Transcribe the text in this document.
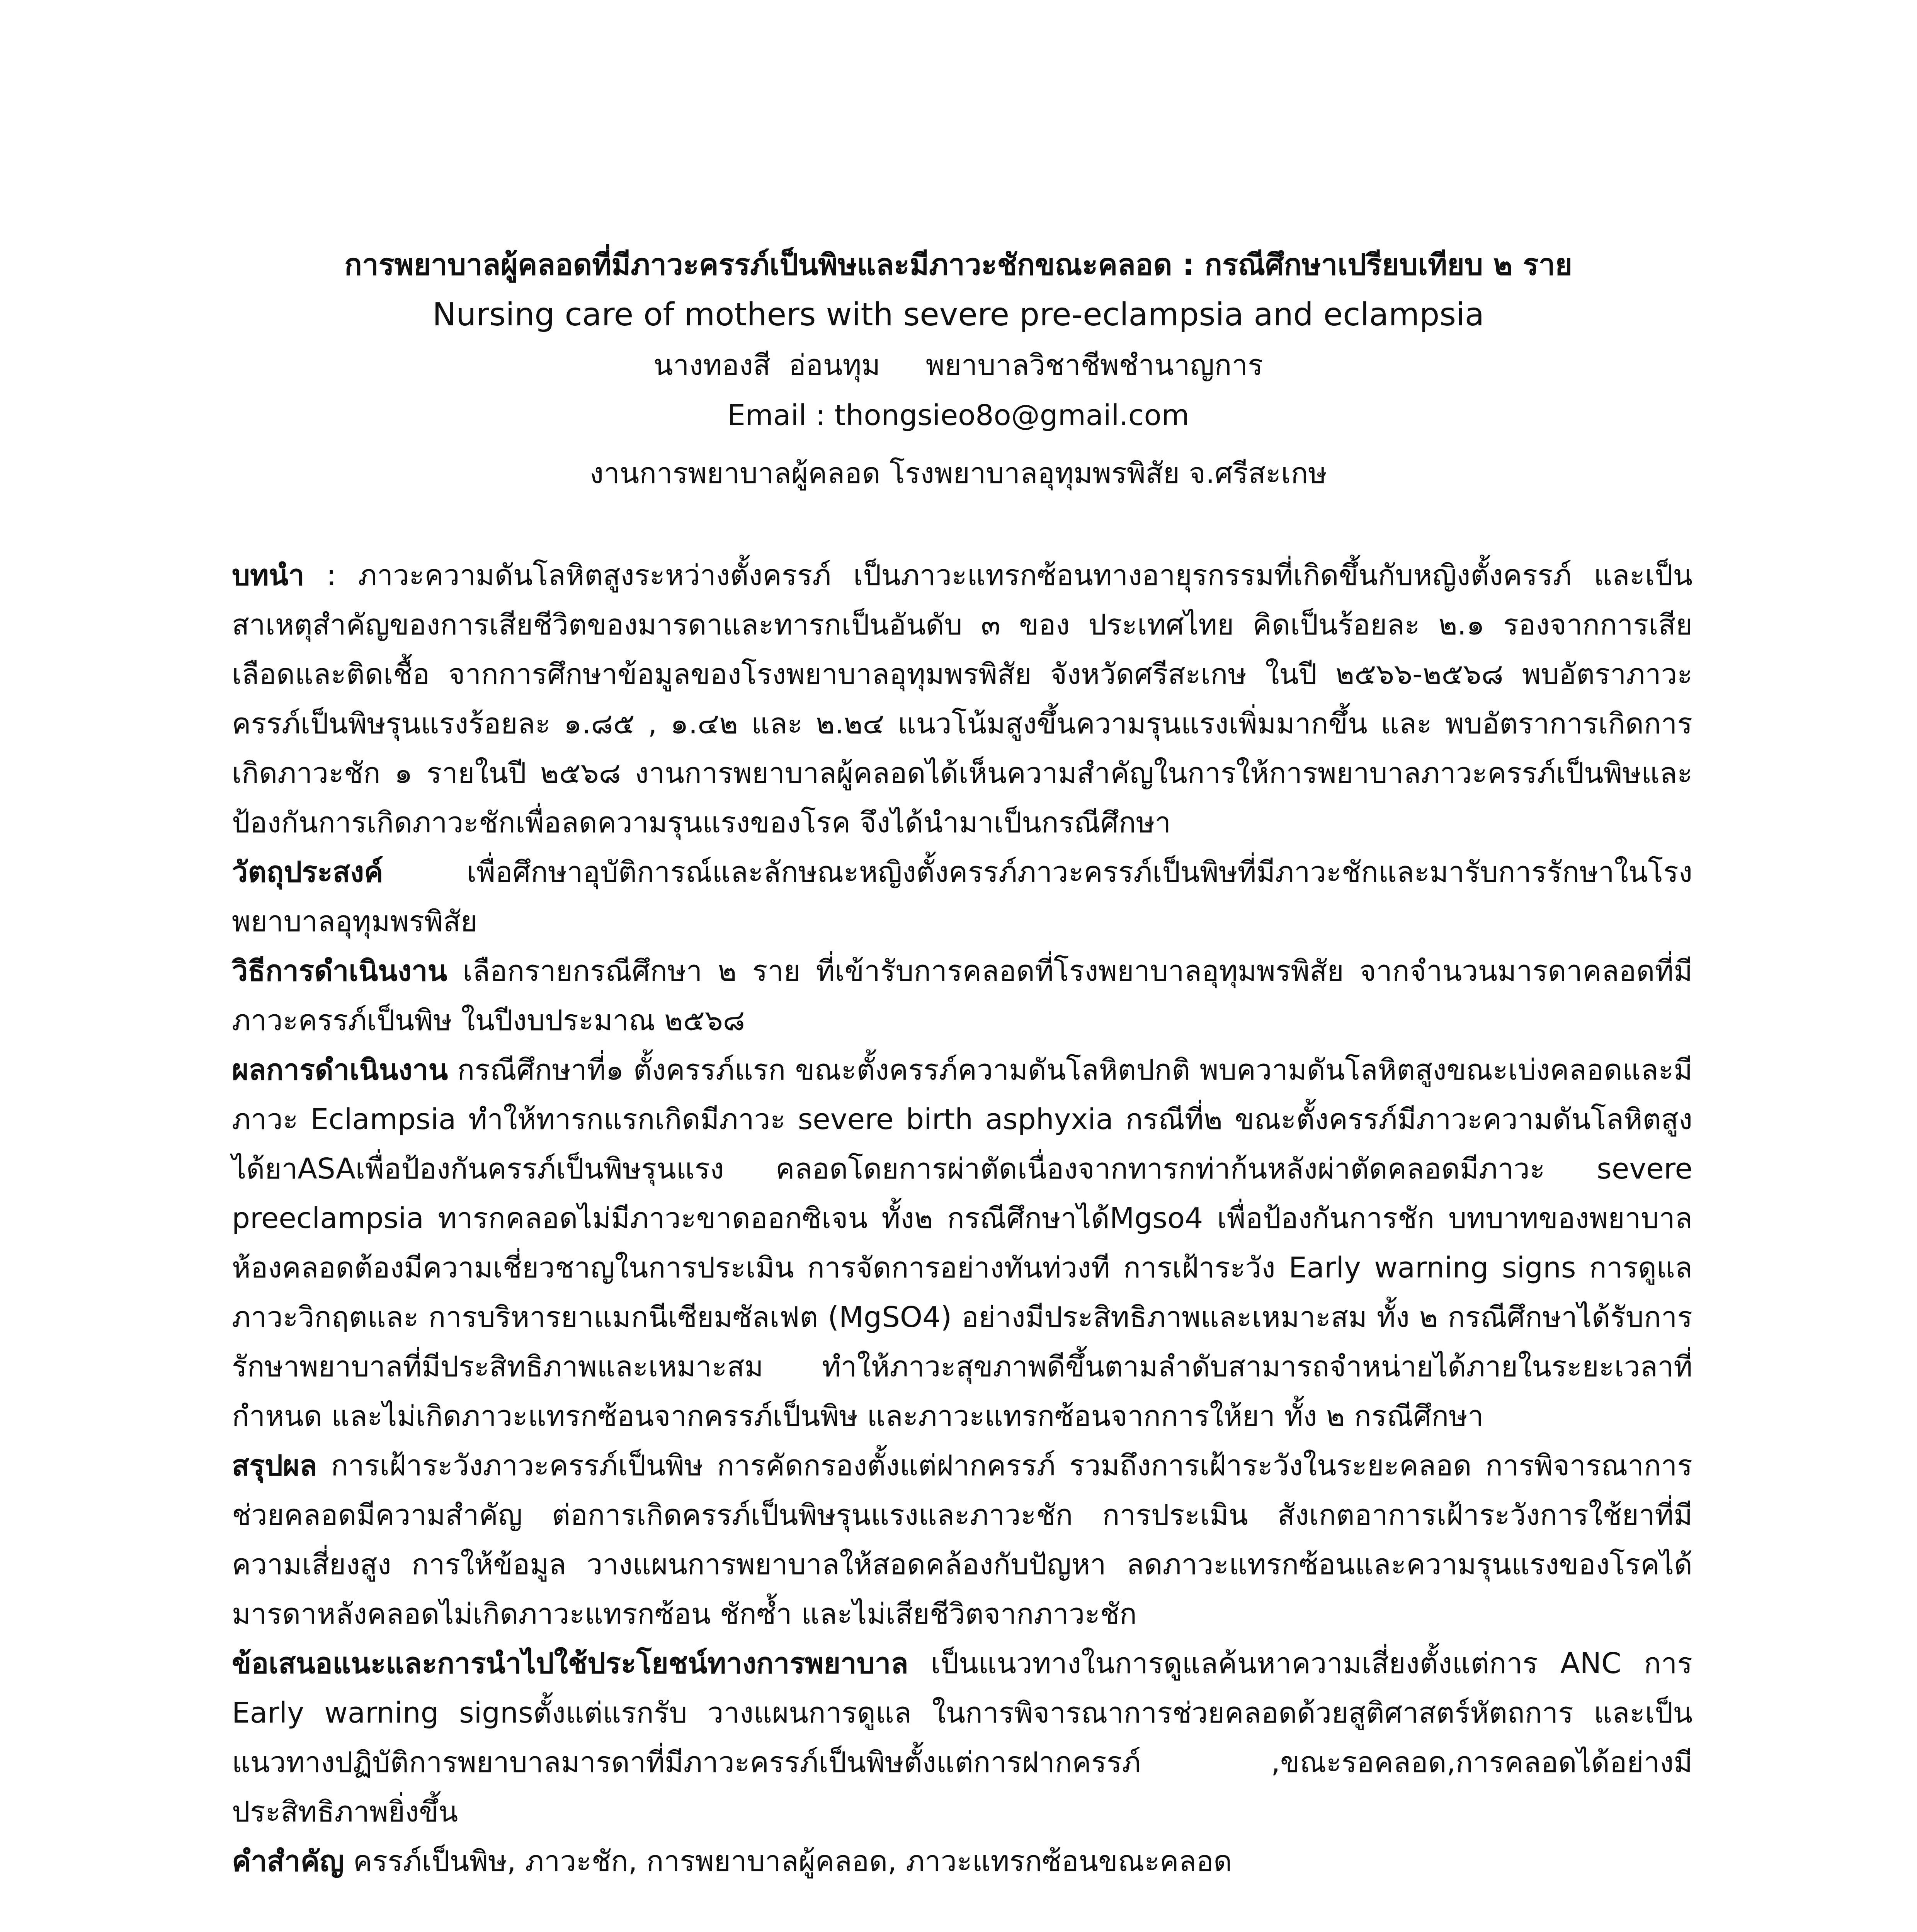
การพยาบาลผู้คลอดที่มีภาวะครรภ์เป็นพิษและมีภาวะชักขณะคลอด : กรณีศึกษาเปรียบเทียบ ๒ ราย

Nursing care of mothers with severe pre-eclampsia and eclampsia

นางทองสี  อ่อนทุม     พยาบาลวิชาชีพชำนาญการ

Email : thongsieo8o@gmail.com

งานการพยาบาลผู้คลอด โรงพยาบาลอุทุมพรพิสัย จ.ศรีสะเกษ

บทนำ : ภาวะความดันโลหิตสูงระหว่างตั้งครรภ์ เป็นภาวะแทรกซ้อนทางอายุรกรรมที่เกิดขึ้นกับหญิงตั้งครรภ์ และเป็นสาเหตุสำคัญของการเสียชีวิตของมารดาและทารกเป็นอันดับ ๓ ของ ประเทศไทย คิดเป็นร้อยละ ๒.๑ รองจากการเสียเลือดและติดเชื้อ จากการศึกษาข้อมูลของโรงพยาบาลอุทุมพรพิสัย จังหวัดศรีสะเกษ ในปี ๒๕๖๖-๒๕๖๘ พบอัตราภาวะครรภ์เป็นพิษรุนแรงร้อยละ ๑.๘๕ , ๑.๔๒ และ ๒.๒๔ แนวโน้มสูงขึ้นความรุนแรงเพิ่มมากขึ้น และ พบอัตราการเกิดการเกิดภาวะชัก ๑ รายในปี ๒๕๖๘ งานการพยาบาลผู้คลอดได้เห็นความสำคัญในการให้การพยาบาลภาวะครรภ์เป็นพิษและป้องกันการเกิดภาวะชักเพื่อลดความรุนแรงของโรค จึงได้นำมาเป็นกรณีศึกษา

วัตถุประสงค์ เพื่อศึกษาอุบัติการณ์และลักษณะหญิงตั้งครรภ์ภาวะครรภ์เป็นพิษที่มีภาวะชักและมารับการรักษาในโรงพยาบาลอุทุมพรพิสัย

วิธีการดำเนินงาน เลือกรายกรณีศึกษา ๒ ราย ที่เข้ารับการคลอดที่โรงพยาบาลอุทุมพรพิสัย จากจำนวนมารดาคลอดที่มีภาวะครรภ์เป็นพิษ ในปีงบประมาณ ๒๕๖๘

ผลการดำเนินงาน กรณีศึกษาที่๑ ตั้งครรภ์แรก ขณะตั้งครรภ์ความดันโลหิตปกติ พบความดันโลหิตสูงขณะเบ่งคลอดและมีภาวะ Eclampsia ทำให้ทารกแรกเกิดมีภาวะ severe birth asphyxia กรณีที่๒ ขณะตั้งครรภ์มีภาวะความดันโลหิตสูงได้ยาASAเพื่อป้องกันครรภ์เป็นพิษรุนแรง คลอดโดยการผ่าตัดเนื่องจากทารกท่าก้นหลังผ่าตัดคลอดมีภาวะ severe preeclampsia ทารกคลอดไม่มีภาวะขาดออกซิเจน ทั้ง๒ กรณีศึกษาได้Mgso4 เพื่อป้องกันการชัก บทบาทของพยาบาลห้องคลอดต้องมีความเชี่ยวชาญในการประเมิน การจัดการอย่างทันท่วงที การเฝ้าระวัง Early warning signs การดูแลภาวะวิกฤตและ การบริหารยาแมกนีเซียมซัลเฟต (MgSO4) อย่างมีประสิทธิภาพและเหมาะสม ทั้ง ๒ กรณีศึกษาได้รับการรักษาพยาบาลที่มีประสิทธิภาพและเหมาะสม ทำให้ภาวะสุขภาพดีขึ้นตามลำดับสามารถจำหน่ายได้ภายในระยะเวลาที่กำหนด และไม่เกิดภาวะแทรกซ้อนจากครรภ์เป็นพิษ และภาวะแทรกซ้อนจากการให้ยา ทั้ง ๒ กรณีศึกษา

สรุปผล การเฝ้าระวังภาวะครรภ์เป็นพิษ การคัดกรองตั้งแต่ฝากครรภ์ รวมถึงการเฝ้าระวังในระยะคลอด การพิจารณาการช่วยคลอดมีความสำคัญ ต่อการเกิดครรภ์เป็นพิษรุนแรงและภาวะชัก การประเมิน สังเกตอาการเฝ้าระวังการใช้ยาที่มีความเสี่ยงสูง การให้ข้อมูล วางแผนการพยาบาลให้สอดคล้องกับปัญหา ลดภาวะแทรกซ้อนและความรุนแรงของโรคได้ มารดาหลังคลอดไม่เกิดภาวะแทรกซ้อน ชักซ้ำ และไม่เสียชีวิตจากภาวะชัก

ข้อเสนอแนะและการนำไปใช้ประโยชน์ทางการพยาบาล เป็นแนวทางในการดูแลค้นหาความเสี่ยงตั้งแต่การ ANC การ Early warning signsตั้งแต่แรกรับ วางแผนการดูแล ในการพิจารณาการช่วยคลอดด้วยสูติศาสตร์หัตถการ และเป็นแนวทางปฏิบัติการพยาบาลมารดาที่มีภาวะครรภ์เป็นพิษตั้งแต่การฝากครรภ์ ,ขณะรอคลอด,การคลอดได้อย่างมีประสิทธิภาพยิ่งขึ้น

คำสำคัญ ครรภ์เป็นพิษ, ภาวะชัก, การพยาบาลผู้คลอด, ภาวะแทรกซ้อนขณะคลอด
